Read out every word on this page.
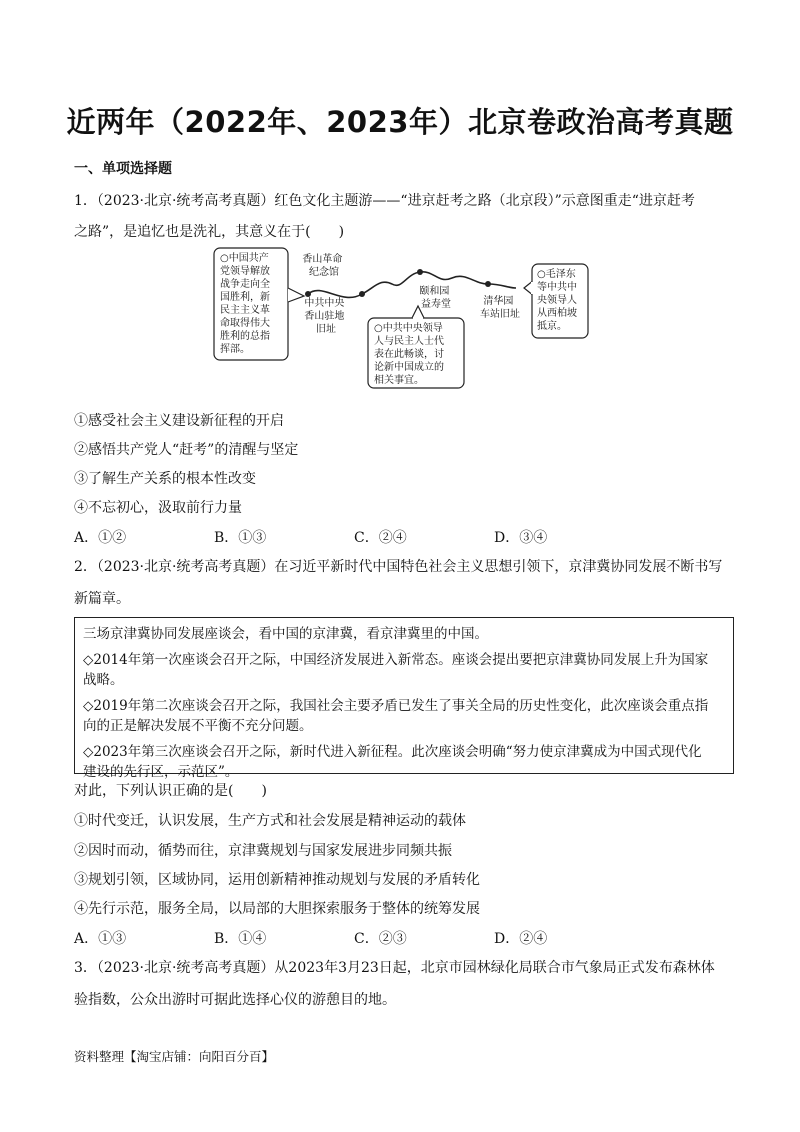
近两年（2022年、2023年）北京卷政治高考真题
一、单项选择题
1．（2023·北京·统考高考真题）红色文化主题游——“进京赶考之路（北京段）”示意图重走“进京赶考
之路”，是追忆也是洗礼，其意义在于(　　)
○中国共产 党领导解放 战争走向全 国胜利，新 民主主义革 命取得伟大 胜利的总指 挥部。
香山革命 纪念馆
中共中央 香山驻地 旧址
颐和园 益寿堂	清华园 车站旧址
○中共中央领导 人与民主人士代 表在此畅谈，讨 论新中国成立的 相关事宜。
○毛泽东 等中共中 央领导人 从西柏坡 抵京。
①感受社会主义建设新征程的开启
②感悟共产党人“赶考”的清醒与坚定
③了解生产关系的根本性改变
④不忘初心，汲取前行力量
A．①②	B．①③	C．②④	D．③④
2．（2023·北京·统考高考真题）在习近平新时代中国特色社会主义思想引领下，京津冀协同发展不断书写
新篇章。

三场京津冀协同发展座谈会，看中国的京津冀，看京津冀里的中国。

◇2014年第一次座谈会召开之际，中国经济发展进入新常态。座谈会提出要把京津冀协同发展上升为国家
战略。

◇2019年第二次座谈会召开之际，我国社会主要矛盾已发生了事关全局的历史性变化，此次座谈会重点指
向的正是解决发展不平衡不充分问题。

◇2023年第三次座谈会召开之际，新时代进入新征程。此次座谈会明确“努力使京津冀成为中国式现代化
建设的先行区，示范区”。

对此，下列认识正确的是(　　)
①时代变迁，认识发展，生产方式和社会发展是精神运动的载体
②因时而动，循势而往，京津冀规划与国家发展进步同频共振
③规划引领，区域协同，运用创新精神推动规划与发展的矛盾转化
④先行示范，服务全局，以局部的大胆探索服务于整体的统筹发展
A．①③	B．①④	C．②③	D．②④
3．（2023·北京·统考高考真题）从2023年3月23日起，北京市园林绿化局联合市气象局正式发布森林体
验指数，公众出游时可据此选择心仪的游憩目的地。
资料整理【淘宝店铺：向阳百分百】
